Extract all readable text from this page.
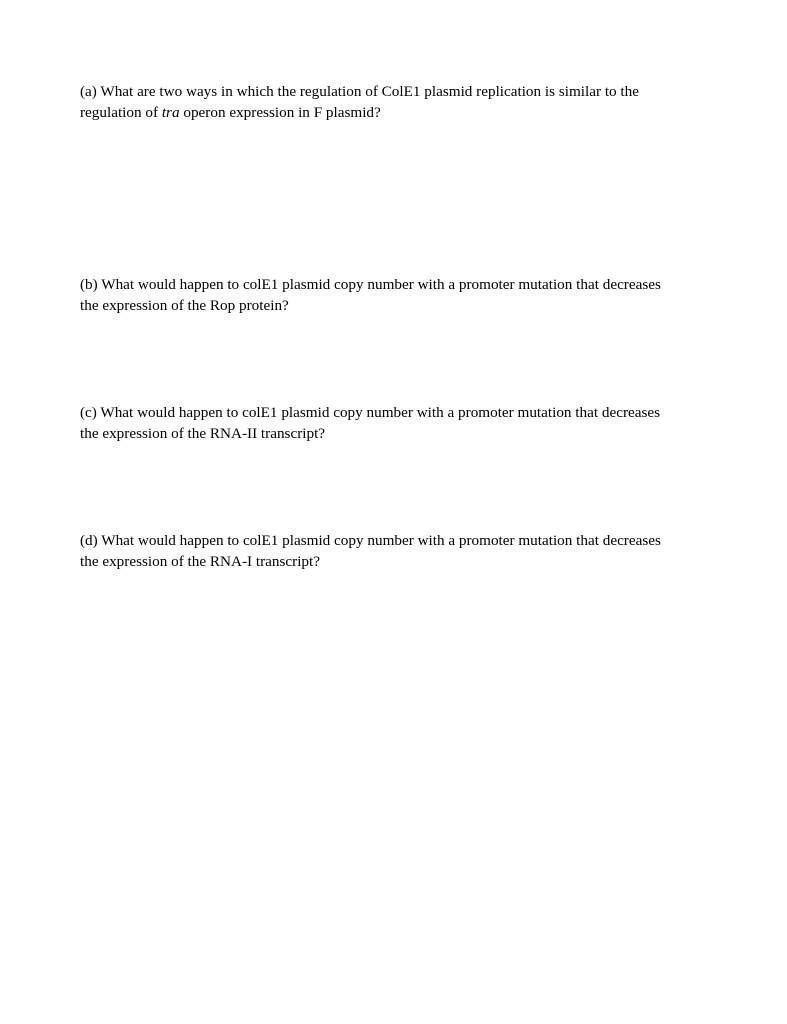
(a) What are two ways in which the regulation of ColE1 plasmid replication is similar to the
regulation of tra operon expression in F plasmid?

(b) What would happen to colE1 plasmid copy number with a promoter mutation that decreases
the expression of the Rop protein?

(c) What would happen to colE1 plasmid copy number with a promoter mutation that decreases
the expression of the RNA-II transcript?

(d) What would happen to colE1 plasmid copy number with a promoter mutation that decreases
the expression of the RNA-I transcript?
